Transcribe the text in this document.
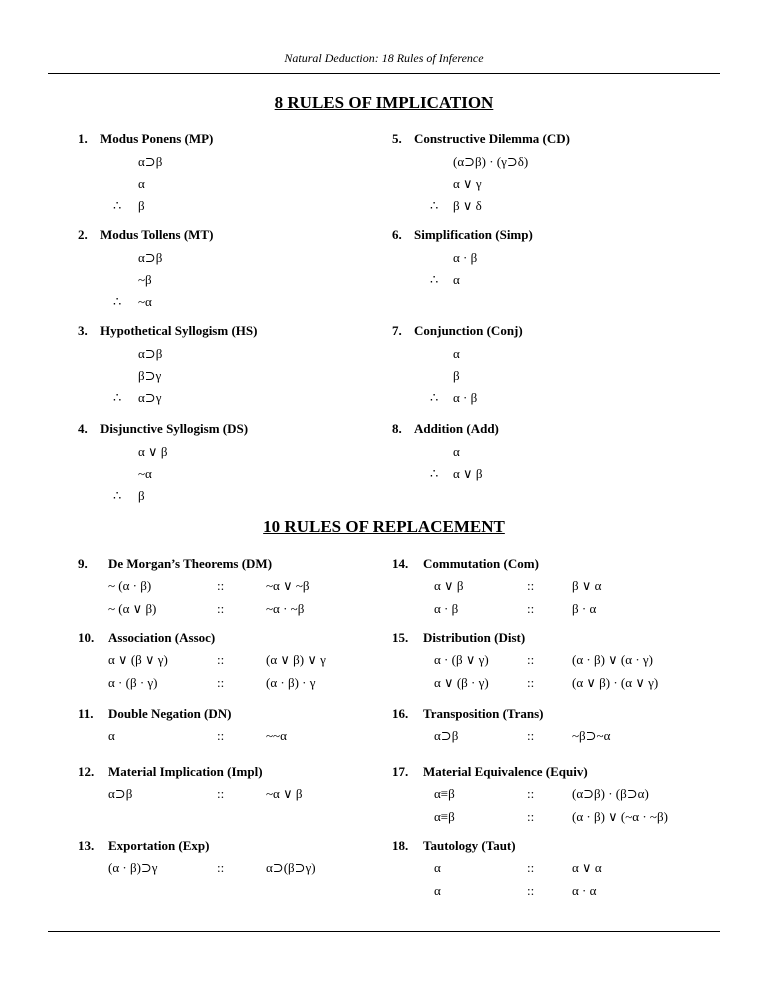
Natural Deduction: 18 Rules of Inference
8 RULES OF IMPLICATION
1. Modus Ponens (MP)
α⊃β
α
∴ β
2. Modus Tollens (MT)
α⊃β
~β
∴ ~α
3. Hypothetical Syllogism (HS)
α⊃β
β⊃γ
∴ α⊃γ
4. Disjunctive Syllogism (DS)
α ∨ β
~α
∴ β
5. Constructive Dilemma (CD)
(α⊃β) · (γ⊃δ)
α ∨ γ
∴ β ∨ δ
6. Simplification (Simp)
α · β
∴ α
7. Conjunction (Conj)
α
β
∴ α · β
8. Addition (Add)
α
∴ α ∨ β
10 RULES OF REPLACEMENT
9. De Morgan’s Theorems (DM)
~ (α · β)	::	~α ∨ ~β
~ (α ∨ β)	::	~α · ~β
10. Association (Assoc)
α ∨ (β ∨ γ)	::	(α ∨ β) ∨ γ
α · (β · γ)	::	(α · β) · γ
11. Double Negation (DN)
α	::	~~α
12. Material Implication (Impl)
α⊃β	::	~α ∨ β
13. Exportation (Exp)
(α · β)⊃γ	::	α⊃(β⊃γ)
14. Commutation (Com)
α ∨ β	::	β ∨ α
α · β	::	β · α
15. Distribution (Dist)
α · (β ∨ γ)	::	(α · β) ∨ (α · γ)
α ∨ (β · γ)	::	(α ∨ β) · (α ∨ γ)
16. Transposition (Trans)
α⊃β	::	~β⊃~α
17. Material Equivalence (Equiv)
α≡β	::	(α⊃β) · (β⊃α)
α≡β	::	(α · β) ∨ (~α · ~β)
18. Tautology (Taut)
α	::	α ∨ α
α	::	α · α
